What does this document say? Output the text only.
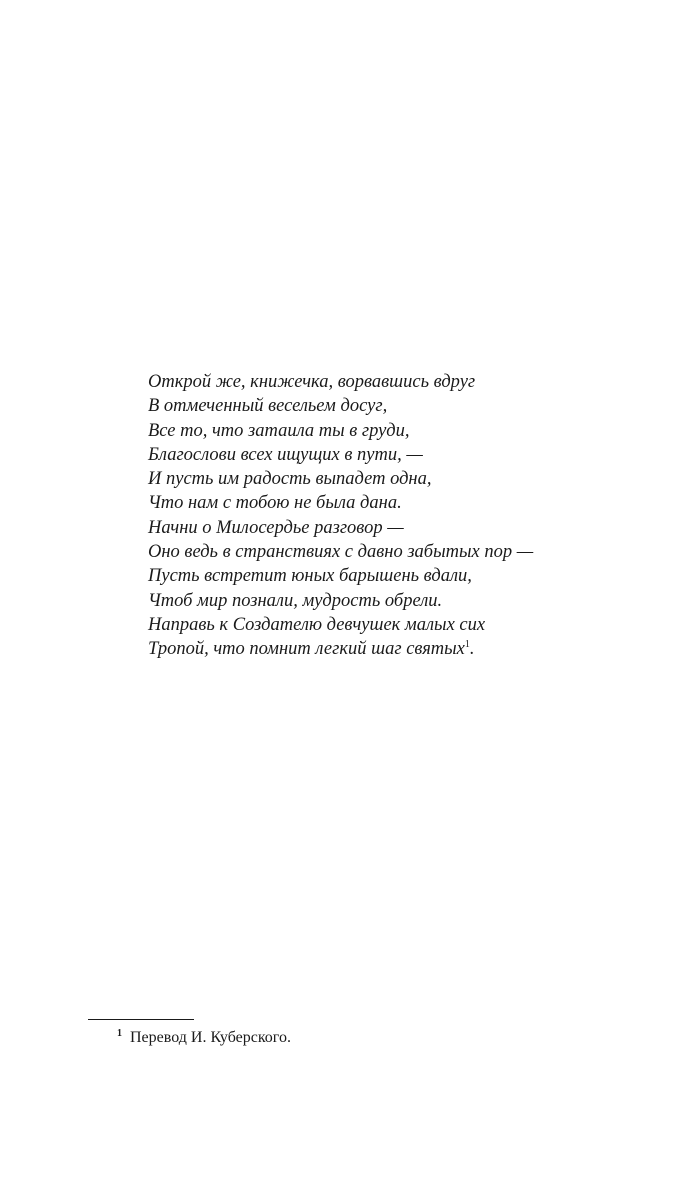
Открой же, книжечка, ворвавшись вдруг
В отмеченный весельем досуг,
Все то, что затаила ты в груди,
Благослови всех ищущих в пути, —
И пусть им радость выпадет одна,
Что нам с тобою не была дана.
Начни о Милосердье разговор —
Оно ведь в странствиях с давно забытых пор —
Пусть встретит юных барышень вдали,
Чтоб мир познали, мудрость обрели.
Направь к Создателю девчушек малых сих
Тропой, что помнит легкий шаг святых$^1$.
$^1$ Перевод И. Куберского.
